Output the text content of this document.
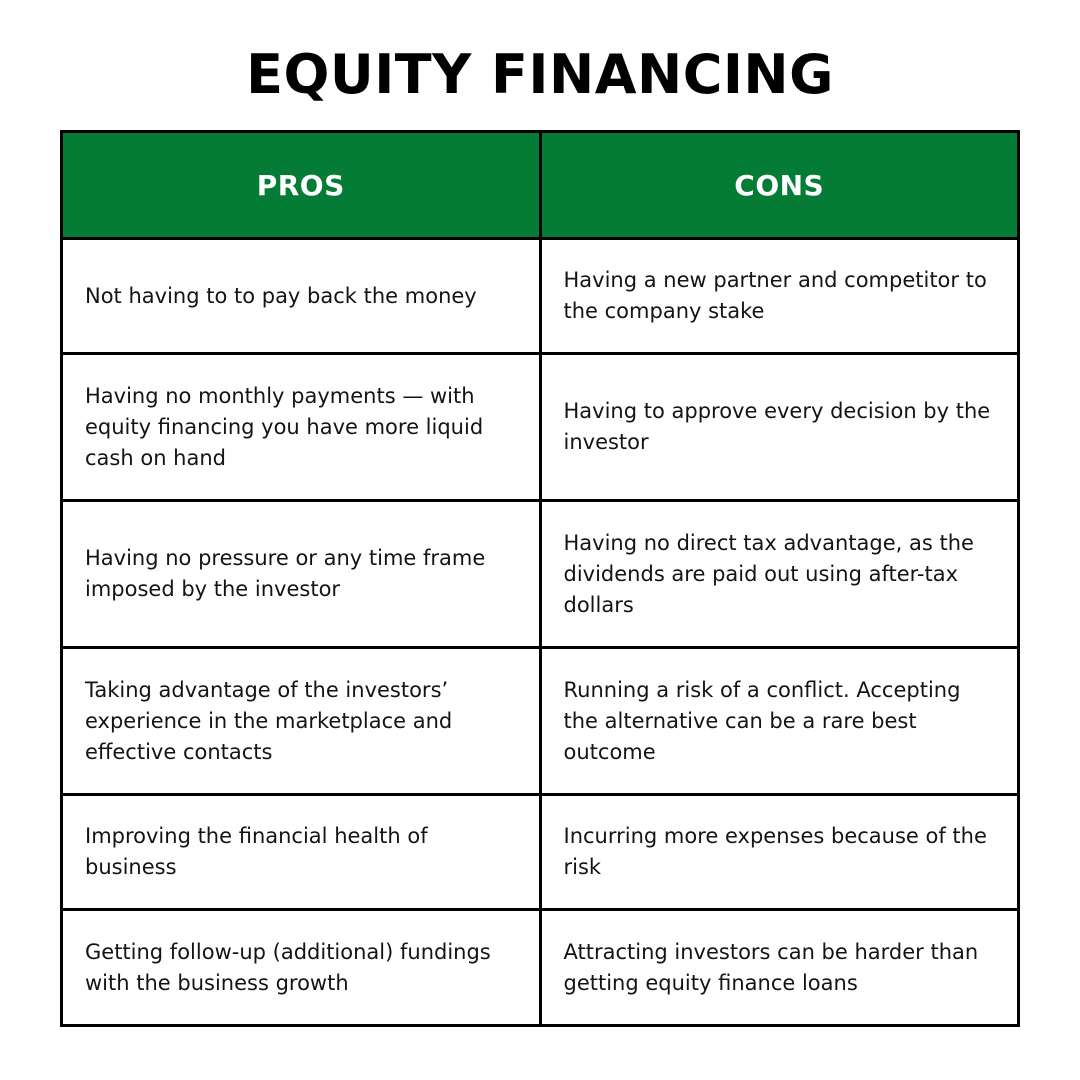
EQUITY FINANCING
PROS	CONS
Not having to to pay back the money	Having a new partner and competitor to the company stake
Having no monthly payments — with equity financing you have more liquid cash on hand	Having to approve every decision by the investor
Having no pressure or any time frame imposed by the investor	Having no direct tax advantage, as the dividends are paid out using after-tax dollars
Taking advantage of the investors’ experience in the marketplace and effective contacts	Running a risk of a conflict. Accepting the alternative can be a rare best outcome
Improving the financial health of business	Incurring more expenses because of the risk
Getting follow-up (additional) fundings with the business growth	Attracting investors can be harder than getting equity finance loans
